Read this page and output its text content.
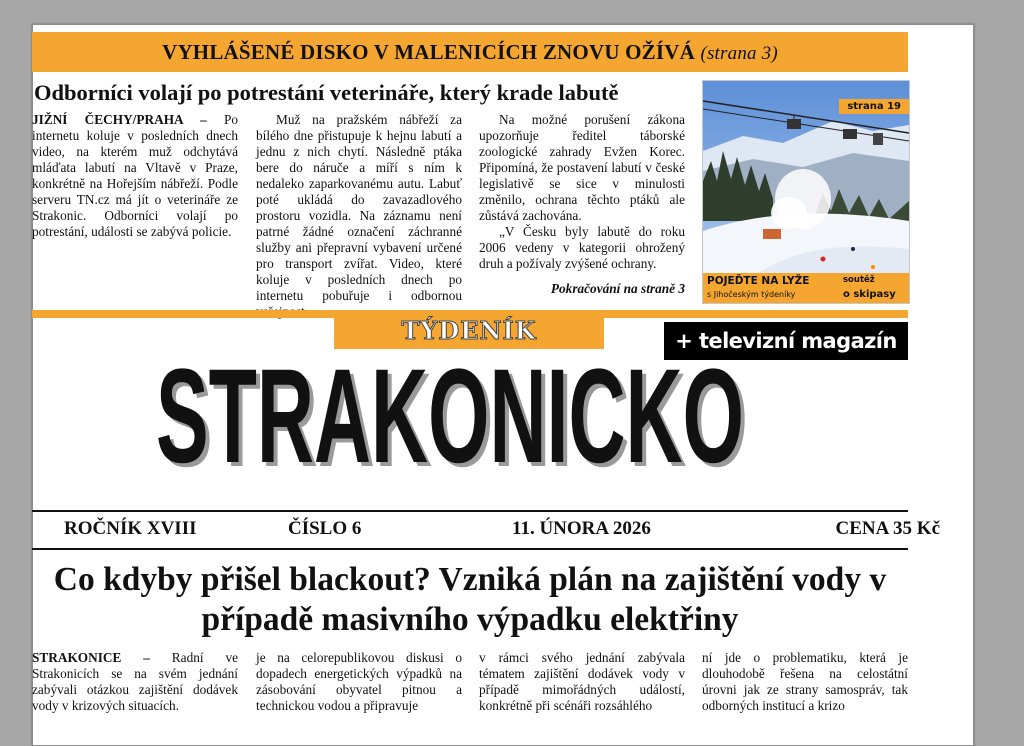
VYHLÁŠENÉ DISKO V MALENICÍCH ZNOVU OŽÍVÁ (strana 3)
Odborníci volají po potrestání veterináře, který krade labutě

JIŽNÍ ČECHY/PRAHA – Po internetu koluje v posledních dnech video, na kterém muž odchytává mláďata labutí na Vltavě v Praze, konkrétně na Hořejším nábřeží. Podle serveru TN.cz má jít o veterináře ze Strakonic. Odborníci volají po potrestání, události se zabývá policie.

Muž na pražském nábřeží za bílého dne přistupuje k hejnu labutí a jednu z nich chytí. Následně ptáka bere do náruče a míří s ním k nedaleko zaparkovanému autu. Labuť poté ukládá do zavazadlového prostoru vozidla. Na záznamu není patrné žádné označení záchranné služby ani přepravní vybavení určené pro transport zvířat. Video, které koluje v posledních dnech po internetu pobuřuje i odbornou

Na možné porušení zákona upozorňuje ředitel táborské zoologické zahrady Evžen Korec. Připomíná, že postavení labutí v české legislativě se sice v minulosti změnilo, ochrana těchto ptáků ale zůstává zachována.

„V Česku byly labutě do roku 2006 vedeny v kategorii ohrožený druh a požívaly zvýšené ochrany.

Pokračování na straně 3
strana 19
POJEĎTE NA LYŽE
s Jihočeským týdeníky
soutěž
o skipasy
TÝDENÍK	+ televizní magazín
STRAKONICKO
STRAKONICKO
ROČNÍK XVIII	ČÍSLO 6	11. ÚNORA 2026	CENA 35 Kč
Co kdyby přišel blackout? Vzniká plán na zajištění vody v případě masivního výpadku elektřiny

STRAKONICE – Radní ve Strakonicích se na svém jednání zabývali otázkou zajištění dodávek vody v krizových situacích.

je na celorepublikovou diskusi o dopadech energetických výpadků na zásobování obyvatel pitnou a technickou vodou a připravuje

v rámci svého jednání zabývala tématem zajištění dodávek vody v případě mimořádných událostí, konkrétně při scénáři rozsáhlého

ní jde o problematiku, která je dlouhodobě řešena na celostátní úrovni jak ze strany samospráv, tak odborných institucí a krizo
